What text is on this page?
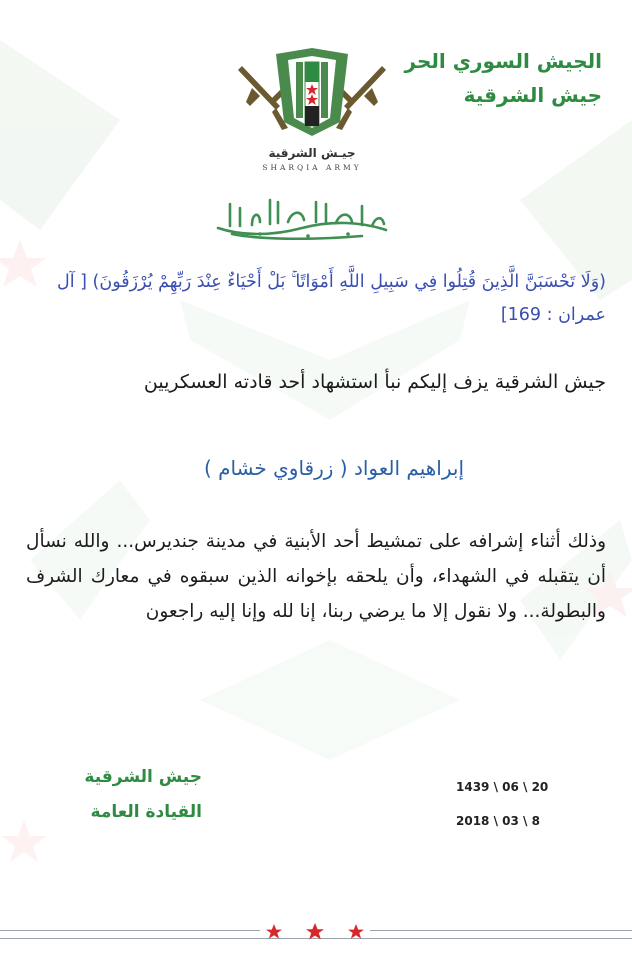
الجيش السوري الحر
جيش الشرقية
جيـش الشرقية
SHARQIA ARMY
(وَلَا تَحْسَبَنَّ الَّذِينَ قُتِلُوا فِي سَبِيلِ اللَّهِ أَمْوَاتًا ۚ بَلْ أَحْيَاءٌ عِنْدَ رَبِّهِمْ يُرْزَقُونَ) [ آل عمران : 169]
جيش الشرقية يزف إليكم نبأ استشهاد أحد قادته العسكريين
إبراهيم العواد ( زرقاوي خشام )
وذلك أثناء إشرافه على تمشيط أحد الأبنية في مدينة جنديرس... والله نسأل أن يتقبله في الشهداء، وأن يلحقه بإخوانه الذين سبقوه في معارك الشرف والبطولة... ولا نقول إلا ما يرضي ربنا، إنا لله وإنا إليه راجعون
جيش الشرقية
القيادة العامة
1439 \ 06 \ 20
2018 \ 03 \ 8
